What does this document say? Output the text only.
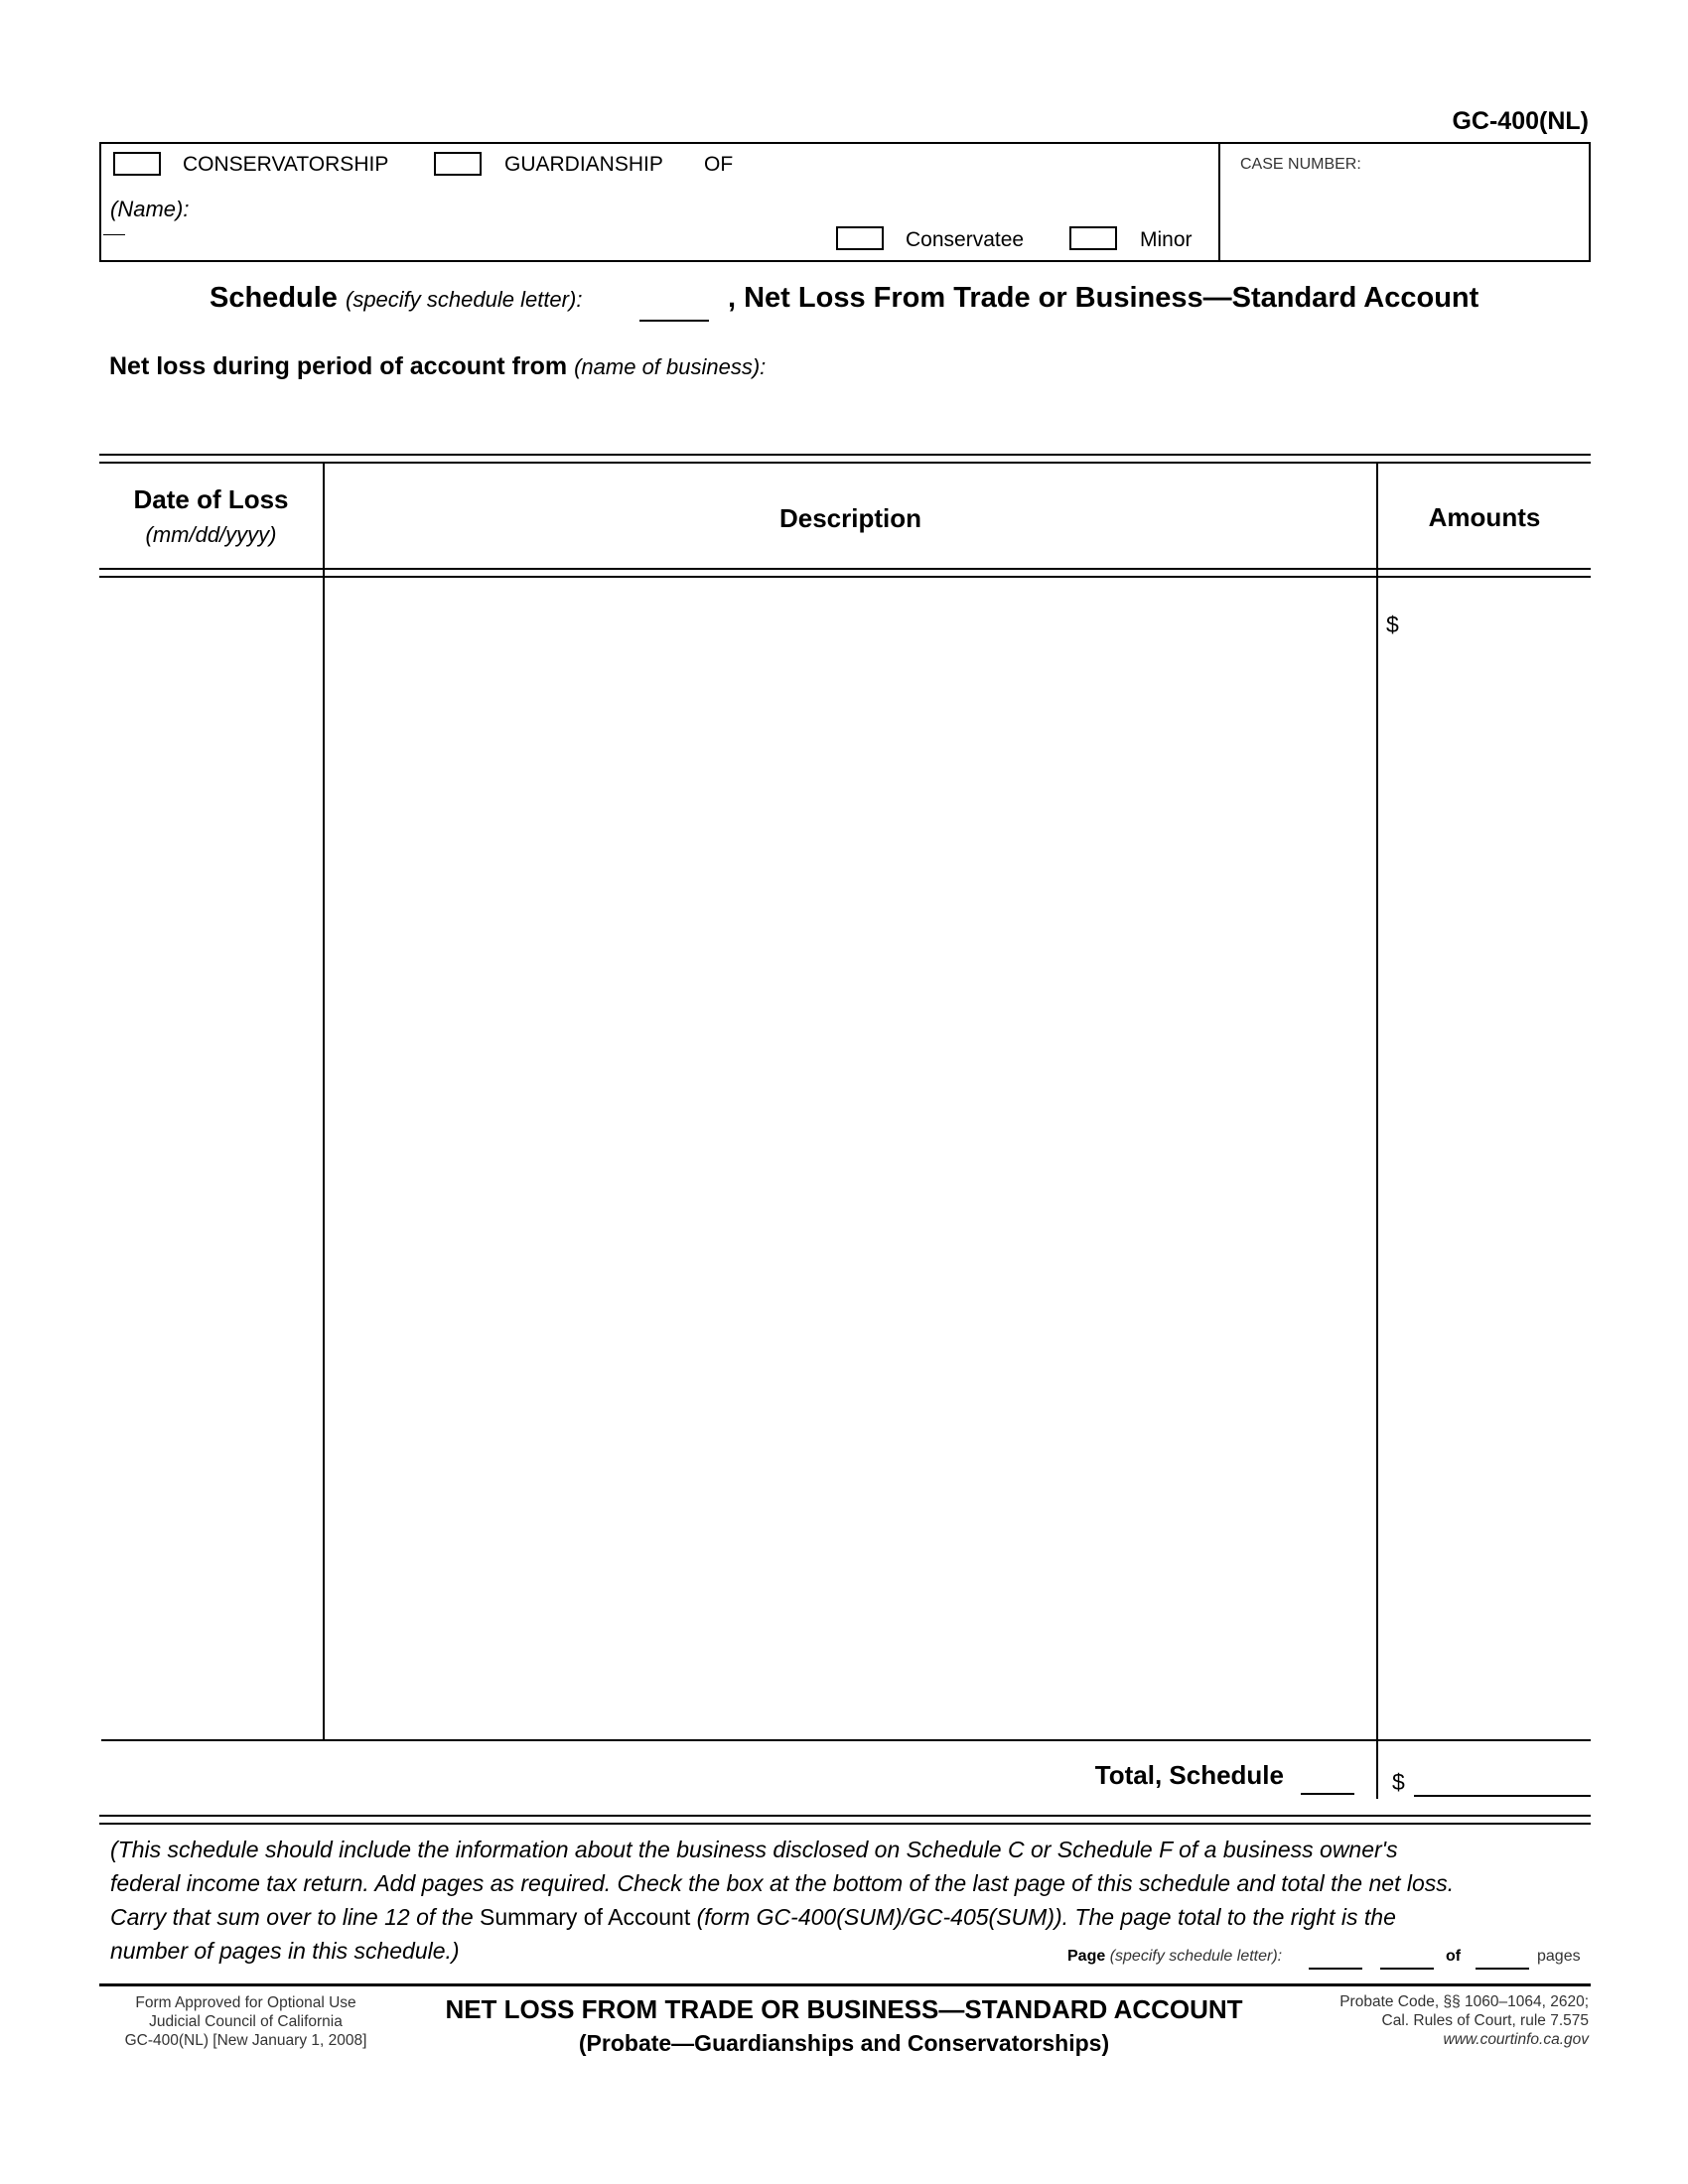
GC-400(NL)
CONSERVATORSHIP	GUARDIANSHIP OF
(Name):
Conservatee	Minor
CASE NUMBER:
Schedule (specify schedule letter):	, Net Loss From Trade or Business—Standard Account
Net loss during period of account from (name of business):
Date of Loss
(mm/dd/yyyy)
Description	Amounts
$
Total, Schedule	$
(This schedule should include the information about the business disclosed on Schedule C or Schedule F of a business owner's
federal income tax return. Add pages as required. Check the box at the bottom of the last page of this schedule and total the net loss.
Carry that sum over to line 12 of the Summary of Account (form GC-400(SUM)/GC-405(SUM)). The page total to the right is the
number of pages in this schedule.)	Page (specify schedule letter):	of	pages
Form Approved for Optional Use
Judicial Council of California
GC-400(NL) [New January 1, 2008]
NET LOSS FROM TRADE OR BUSINESS—STANDARD ACCOUNT
(Probate—Guardianships and Conservatorships)
Probate Code, §§ 1060–1064, 2620;
Cal. Rules of Court, rule 7.575
www.courtinfo.ca.gov
